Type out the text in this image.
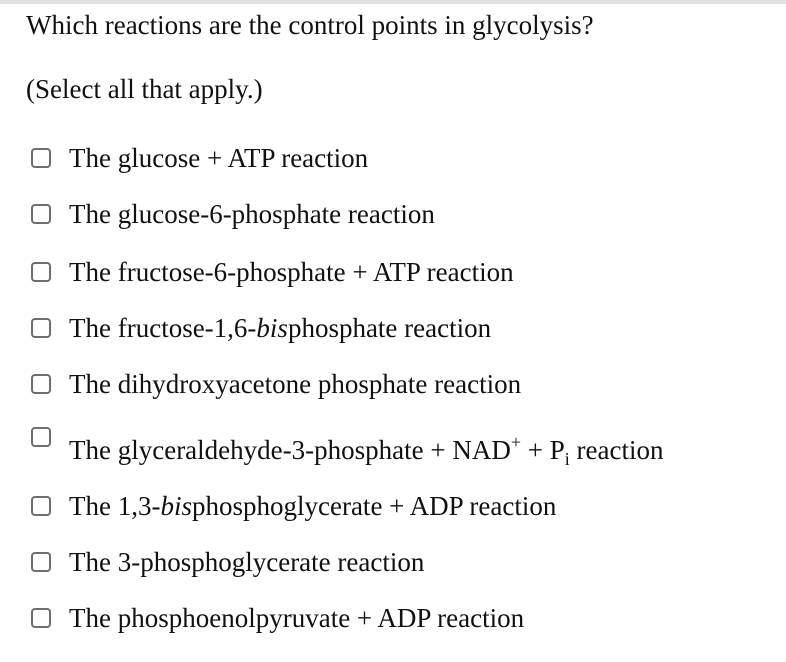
Which reactions are the control points in glycolysis?
(Select all that apply.)
The glucose + ATP reaction
The glucose-6-phosphate reaction
The fructose-6-phosphate + ATP reaction
The fructose-1,6-bisphosphate reaction
The dihydroxyacetone phosphate reaction
The glyceraldehyde-3-phosphate + $NAD^+ + P_i$ reaction
The 1,3-bisphosphoglycerate + ADP reaction
The 3-phosphoglycerate reaction
The phosphoenolpyruvate + ADP reaction
